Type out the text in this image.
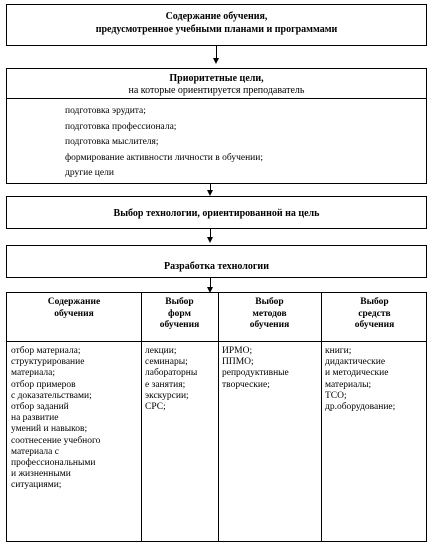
Содержание обучения,
предусмотренное учебными планами и программами
Приоритетные цели,
на которые ориентируется преподаватель
подготовка эрудита;
подготовка профессионала;
подготовка мыслителя;
формирование активности личности в обучении;
другие цели
Выбор технологии, ориентированной на цель
Разработка технологии
Содержание
обучения
Выбор
форм
обучения
Выбор
методов
обучения
Выбор
средств
обучения
отбор материала;
структурирование
материала;
отбор примеров
с доказательствами;
отбор заданий
на развитие
умений и навыков;
соотнесение учебного
материала с
профессиональными
и жизненными
ситуациями;
лекции;
семинары;
лабораторны
е занятия;
экскурсии;
СРС;
ИРМО;
ППМО;
репродуктивные
творческие;
книги;
дидактические
и методические
материалы;
ТСО;
др.оборудование;
